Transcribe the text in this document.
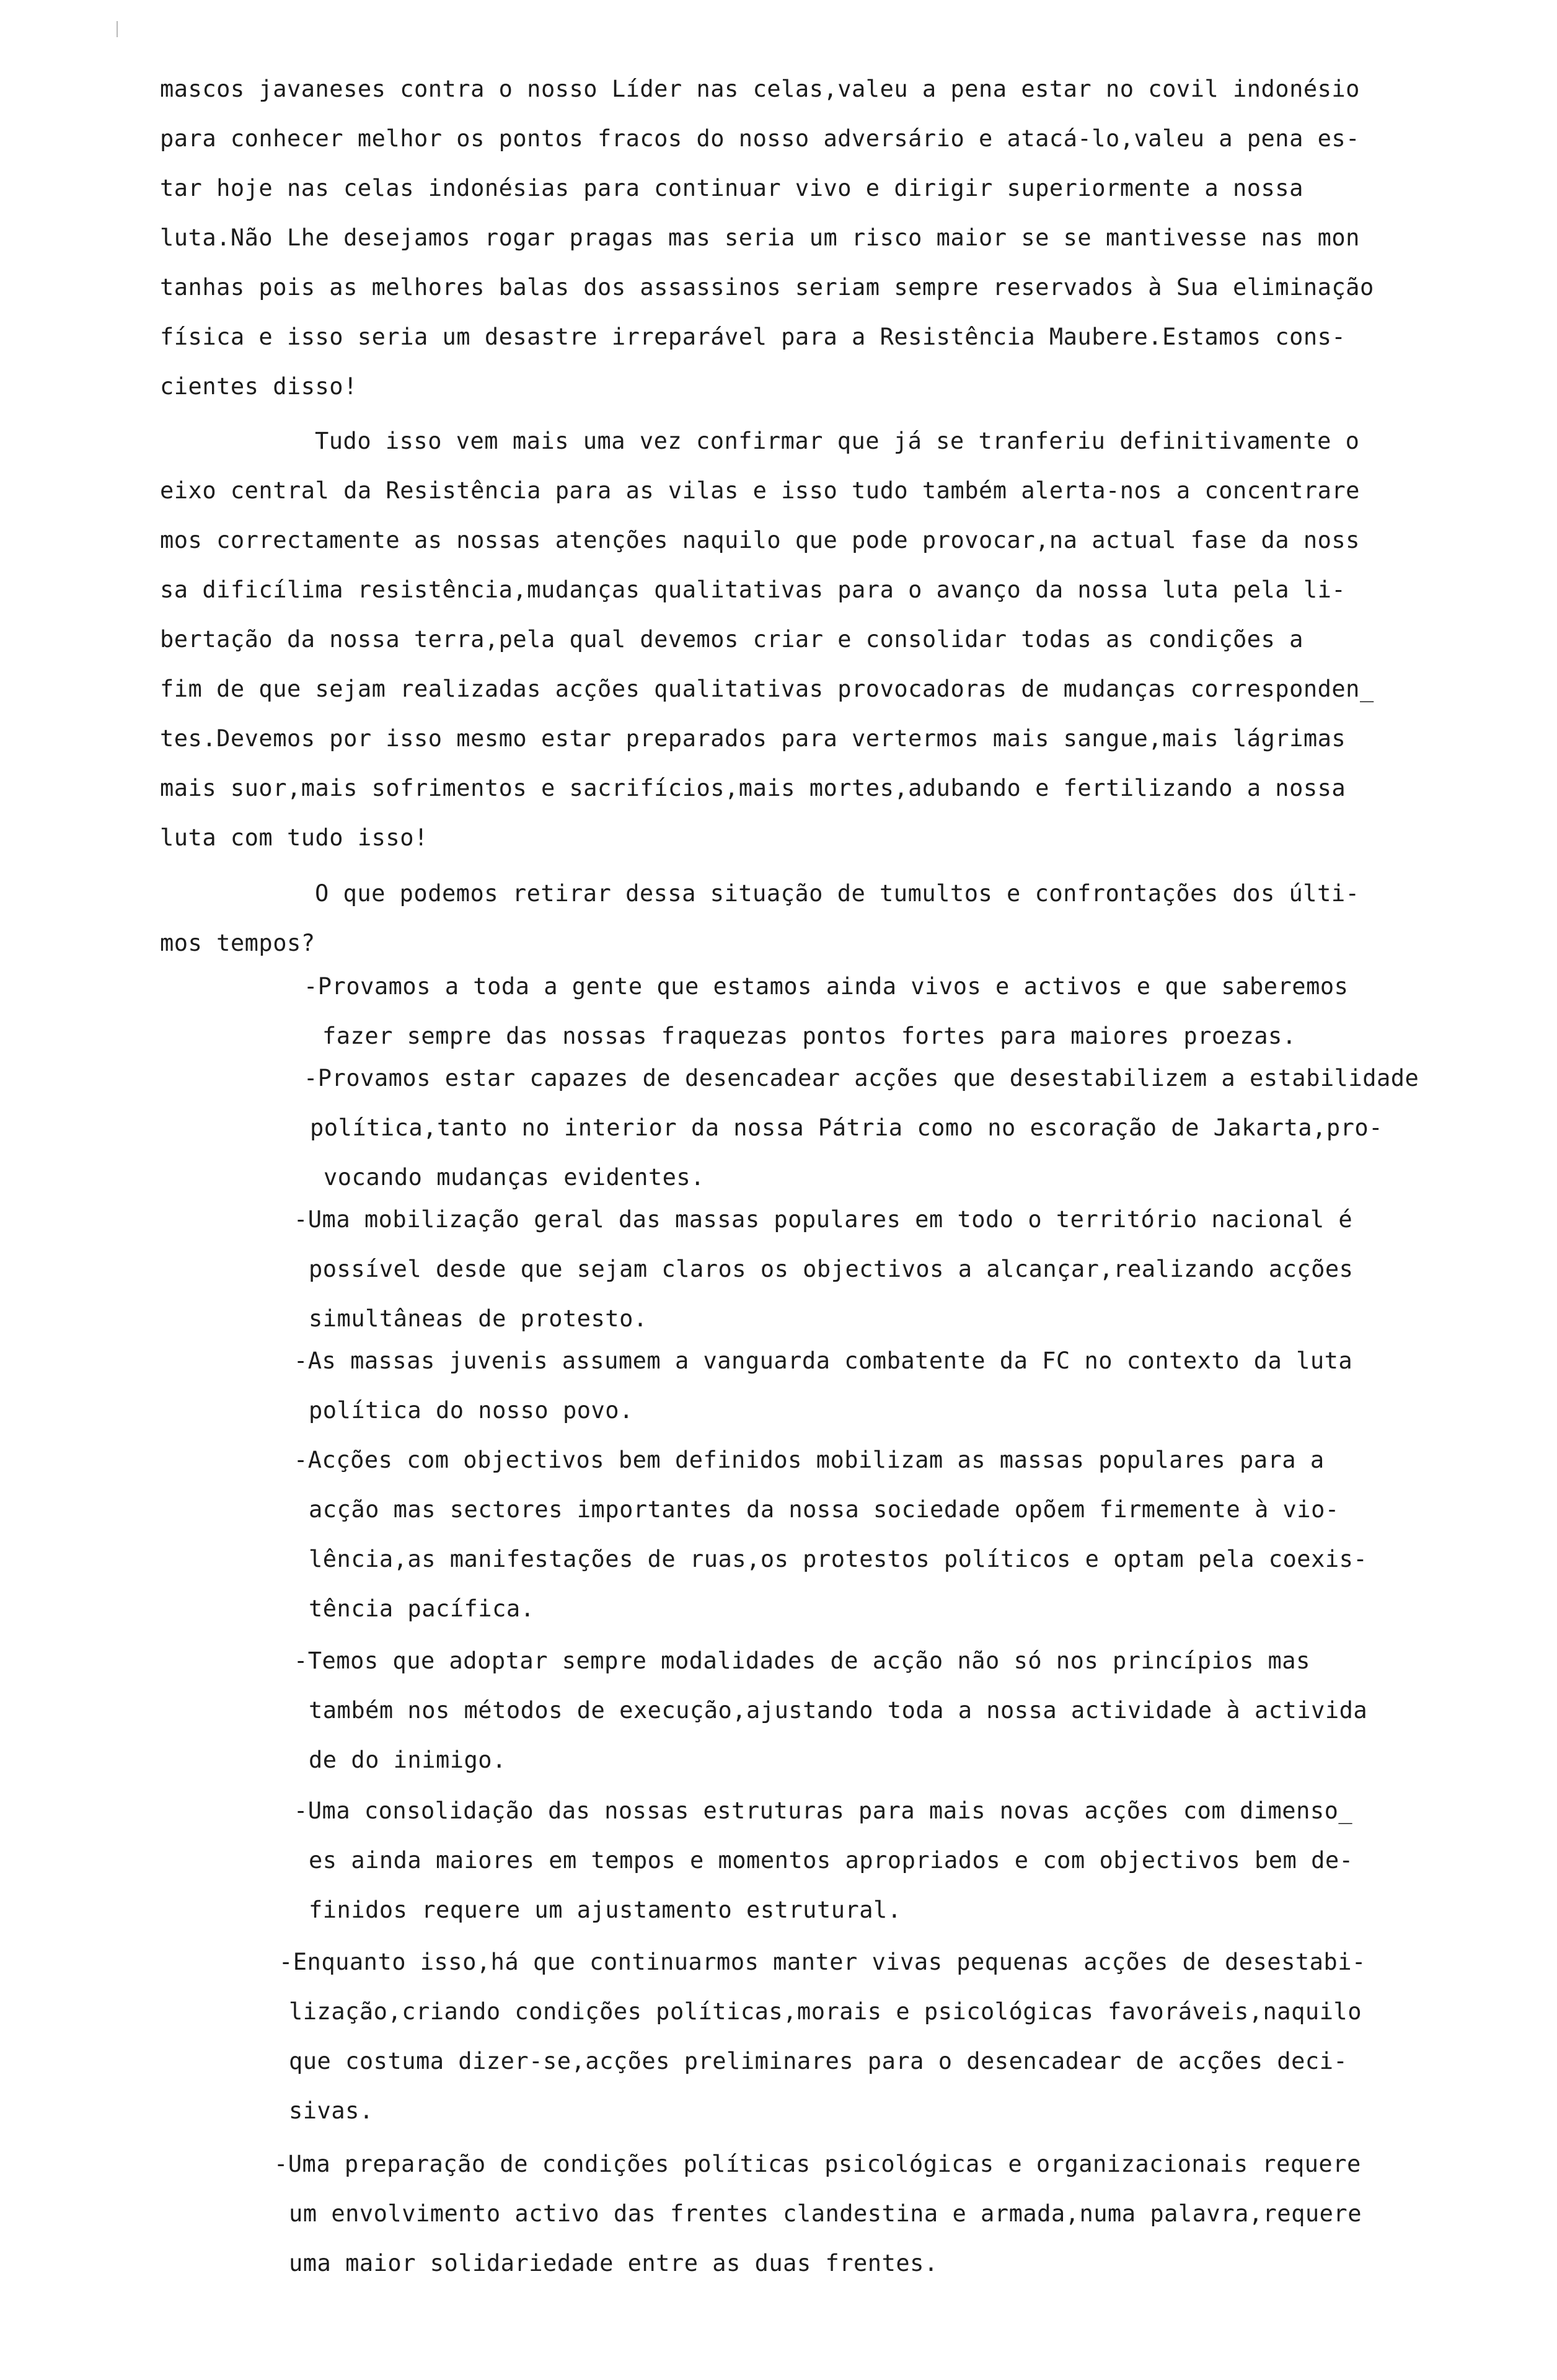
mascos javaneses contra o nosso Líder nas celas,valeu a pena estar no covil indonésio
para conhecer melhor os pontos fracos do nosso adversário e atacá-lo,valeu a pena es-
tar hoje nas celas indonésias para continuar vivo e dirigir superiormente a nossa
luta.Não Lhe desejamos rogar pragas mas seria um risco maior se se mantivesse nas mon
tanhas pois as melhores balas dos assassinos seriam sempre reservados à Sua eliminação
física e isso seria um desastre irreparável para a Resistência Maubere.Estamos cons-
cientes disso!
Tudo isso vem mais uma vez confirmar que já se tranferiu definitivamente o
eixo central da Resistência para as vilas e isso tudo também alerta-nos a concentrare
mos correctamente as nossas atenções naquilo que pode provocar,na actual fase da noss
sa dificílima resistência,mudanças qualitativas para o avanço da nossa luta pela li-
bertação da nossa terra,pela qual devemos criar e consolidar todas as condições a
fim de que sejam realizadas acções qualitativas provocadoras de mudanças corresponden_
tes.Devemos por isso mesmo estar preparados para vertermos mais sangue,mais lágrimas
mais suor,mais sofrimentos e sacrifícios,mais mortes,adubando e fertilizando a nossa
luta com tudo isso!
O que podemos retirar dessa situação de tumultos e confrontações dos últi-
mos tempos?
-Provamos a toda a gente que estamos ainda vivos e activos e que saberemos
fazer sempre das nossas fraquezas pontos fortes para maiores proezas.
-Provamos estar capazes de desencadear acções que desestabilizem a estabilidade
política,tanto no interior da nossa Pátria como no escoração de Jakarta,pro-
vocando mudanças evidentes.
-Uma mobilização geral das massas populares em todo o território nacional é
possível desde que sejam claros os objectivos a alcançar,realizando acções
simultâneas de protesto.
-As massas juvenis assumem a vanguarda combatente da FC no contexto da luta
política do nosso povo.
-Acções com objectivos bem definidos mobilizam as massas populares para a
acção mas sectores importantes da nossa sociedade opõem firmemente à vio-
lência,as manifestações de ruas,os protestos políticos e optam pela coexis-
tência pacífica.
-Temos que adoptar sempre modalidades de acção não só nos princípios mas
também nos métodos de execução,ajustando toda a nossa actividade à activida
de do inimigo.
-Uma consolidação das nossas estruturas para mais novas acções com dimenso_
es ainda maiores em tempos e momentos apropriados e com objectivos bem de-
finidos requere um ajustamento estrutural.
-Enquanto isso,há que continuarmos manter vivas pequenas acções de desestabi-
lização,criando condições políticas,morais e psicológicas favoráveis,naquilo
que costuma dizer-se,acções preliminares para o desencadear de acções deci-
sivas.
-Uma preparação de condições políticas psicológicas e organizacionais requere
um envolvimento activo das frentes clandestina e armada,numa palavra,requere
uma maior solidariedade entre as duas frentes.
